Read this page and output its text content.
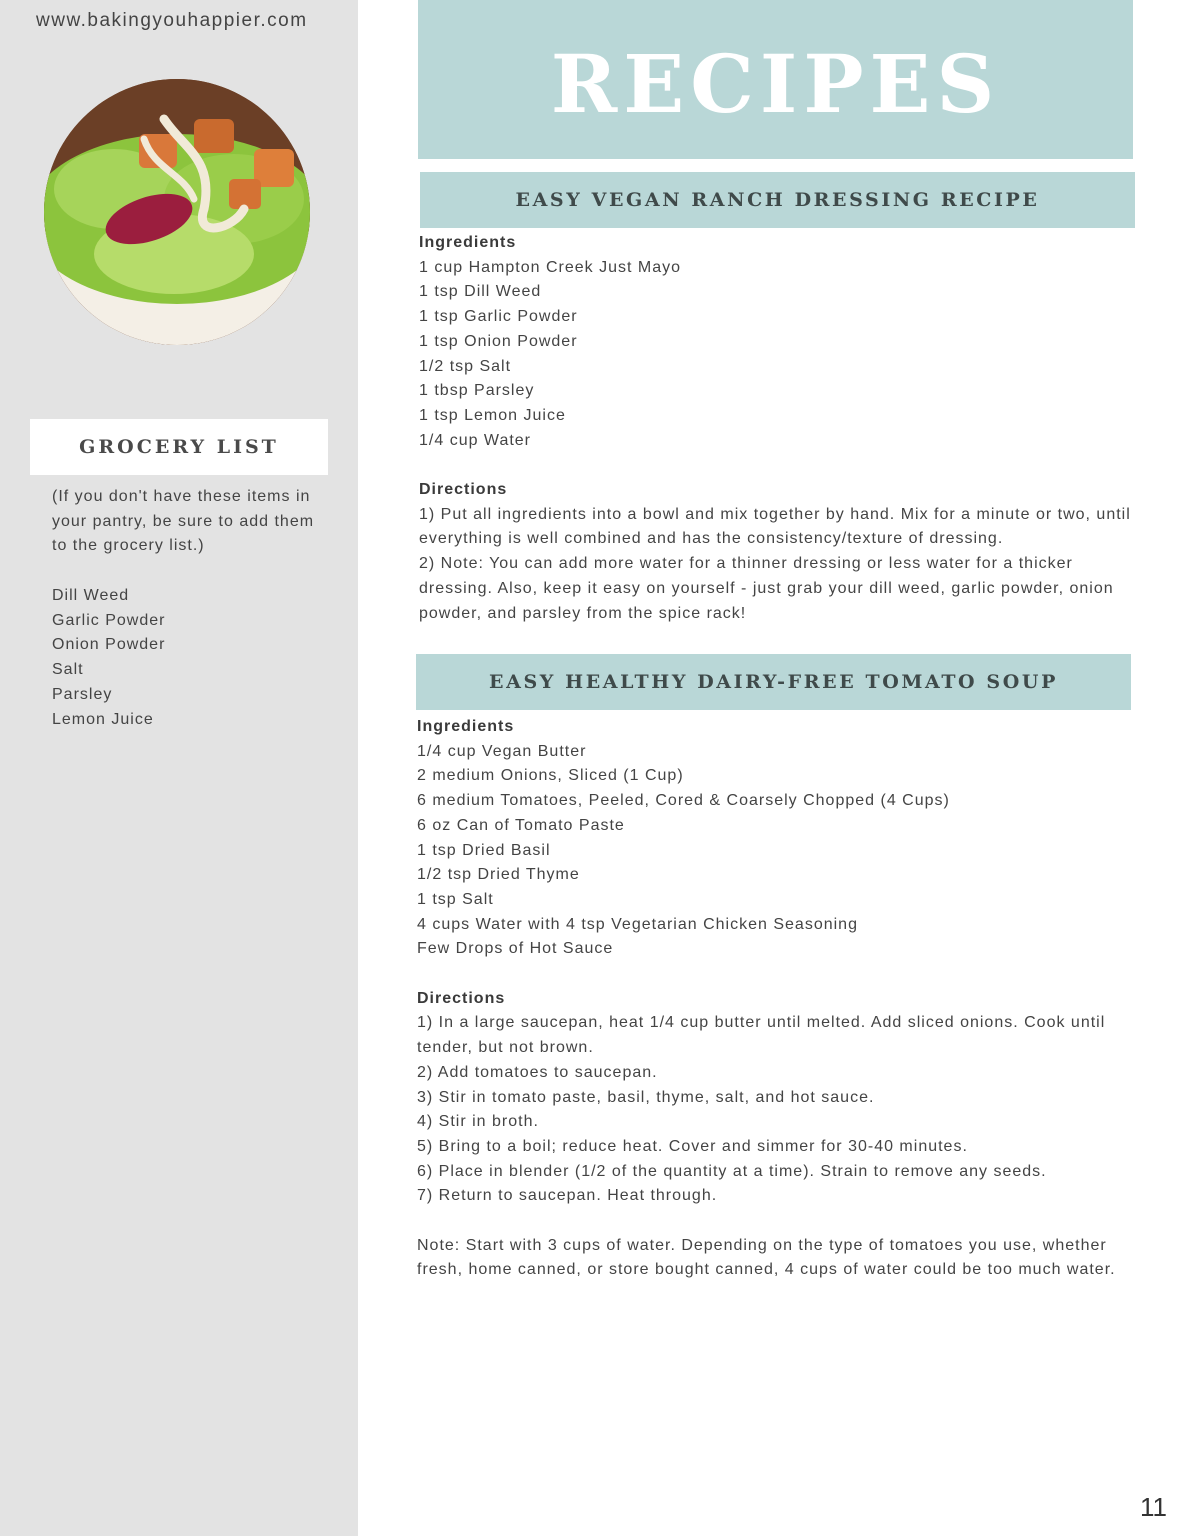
www.bakingyouhappier.com
GROCERY LIST
(If you don't have these items in your pantry, be sure to add them to the grocery list.)
Dill Weed
Garlic Powder
Onion Powder
Salt
Parsley
Lemon Juice
RECIPES
EASY VEGAN RANCH DRESSING RECIPE
Ingredients
1 cup Hampton Creek Just Mayo
1 tsp Dill Weed
1 tsp Garlic Powder
1 tsp Onion Powder
1/2 tsp Salt
1 tbsp Parsley
1 tsp Lemon Juice
1/4 cup Water
Directions
1) Put all ingredients into a bowl and mix together by hand. Mix for a minute or two, until everything is well combined and has the consistency/texture of dressing.
2) Note: You can add more water for a thinner dressing or less water for a thicker dressing. Also, keep it easy on yourself - just grab your dill weed, garlic powder, onion powder, and parsley from the spice rack!
EASY HEALTHY DAIRY-FREE TOMATO SOUP
Ingredients
1/4 cup Vegan Butter
2 medium Onions, Sliced (1 Cup)
6 medium Tomatoes, Peeled, Cored & Coarsely Chopped (4 Cups)
6 oz Can of Tomato Paste
1 tsp Dried Basil
1/2 tsp Dried Thyme
1 tsp Salt
4 cups Water with 4 tsp Vegetarian Chicken Seasoning
Few Drops of Hot Sauce
Directions
1) In a large saucepan, heat 1/4 cup butter until melted. Add sliced onions. Cook until tender, but not brown.
2) Add tomatoes to saucepan.
3) Stir in tomato paste, basil, thyme, salt, and hot sauce.
4) Stir in broth.
5) Bring to a boil; reduce heat. Cover and simmer for 30-40 minutes.
6) Place in blender (1/2 of the quantity at a time). Strain to remove any seeds.
7) Return to saucepan. Heat through.
Note: Start with 3 cups of water. Depending on the type of tomatoes you use, whether fresh, home canned, or store bought canned, 4 cups of water could be too much water.
11
